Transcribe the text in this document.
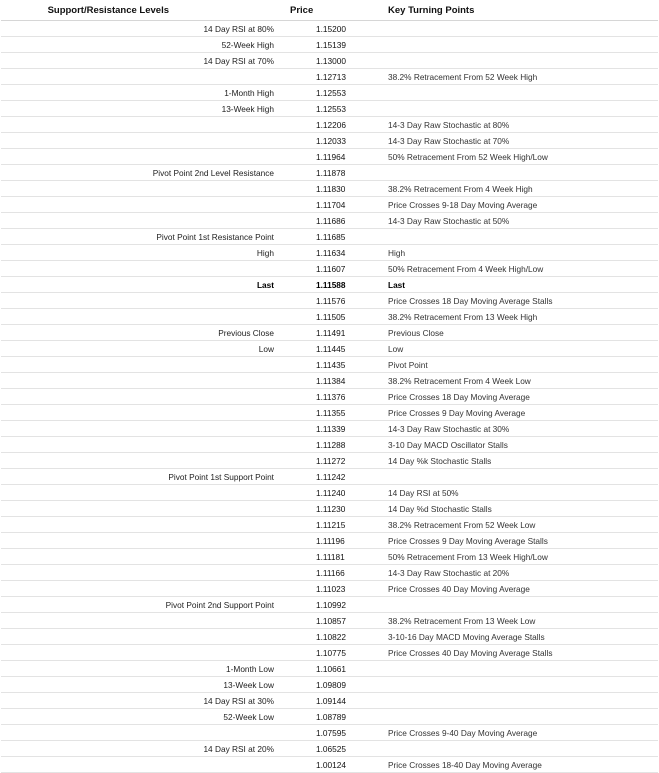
Support/Resistance Levels	Price	Key Turning Points
14 Day RSI at 80%	1.15200	
52-Week High	1.15139	
14 Day RSI at 70%	1.13000	
	1.12713	38.2% Retracement From 52 Week High
1-Month High	1.12553	
13-Week High	1.12553	
	1.12206	14-3 Day Raw Stochastic at 80%
	1.12033	14-3 Day Raw Stochastic at 70%
	1.11964	50% Retracement From 52 Week High/Low
Pivot Point 2nd Level Resistance	1.11878	
	1.11830	38.2% Retracement From 4 Week High
	1.11704	Price Crosses 9-18 Day Moving Average
	1.11686	14-3 Day Raw Stochastic at 50%
Pivot Point 1st Resistance Point	1.11685	
High	1.11634	High
	1.11607	50% Retracement From 4 Week High/Low
Last	1.11588	Last
	1.11576	Price Crosses 18 Day Moving Average Stalls
	1.11505	38.2% Retracement From 13 Week High
Previous Close	1.11491	Previous Close
Low	1.11445	Low
	1.11435	Pivot Point
	1.11384	38.2% Retracement From 4 Week Low
	1.11376	Price Crosses 18 Day Moving Average
	1.11355	Price Crosses 9 Day Moving Average
	1.11339	14-3 Day Raw Stochastic at 30%
	1.11288	3-10 Day MACD Oscillator Stalls
	1.11272	14 Day %k Stochastic Stalls
Pivot Point 1st Support Point	1.11242	
	1.11240	14 Day RSI at 50%
	1.11230	14 Day %d Stochastic Stalls
	1.11215	38.2% Retracement From 52 Week Low
	1.11196	Price Crosses 9 Day Moving Average Stalls
	1.11181	50% Retracement From 13 Week High/Low
	1.11166	14-3 Day Raw Stochastic at 20%
	1.11023	Price Crosses 40 Day Moving Average
Pivot Point 2nd Support Point	1.10992	
	1.10857	38.2% Retracement From 13 Week Low
	1.10822	3-10-16 Day MACD Moving Average Stalls
	1.10775	Price Crosses 40 Day Moving Average Stalls
1-Month Low	1.10661	
13-Week Low	1.09809	
14 Day RSI at 30%	1.09144	
52-Week Low	1.08789	
	1.07595	Price Crosses 9-40 Day Moving Average
14 Day RSI at 20%	1.06525	
	1.00124	Price Crosses 18-40 Day Moving Average
